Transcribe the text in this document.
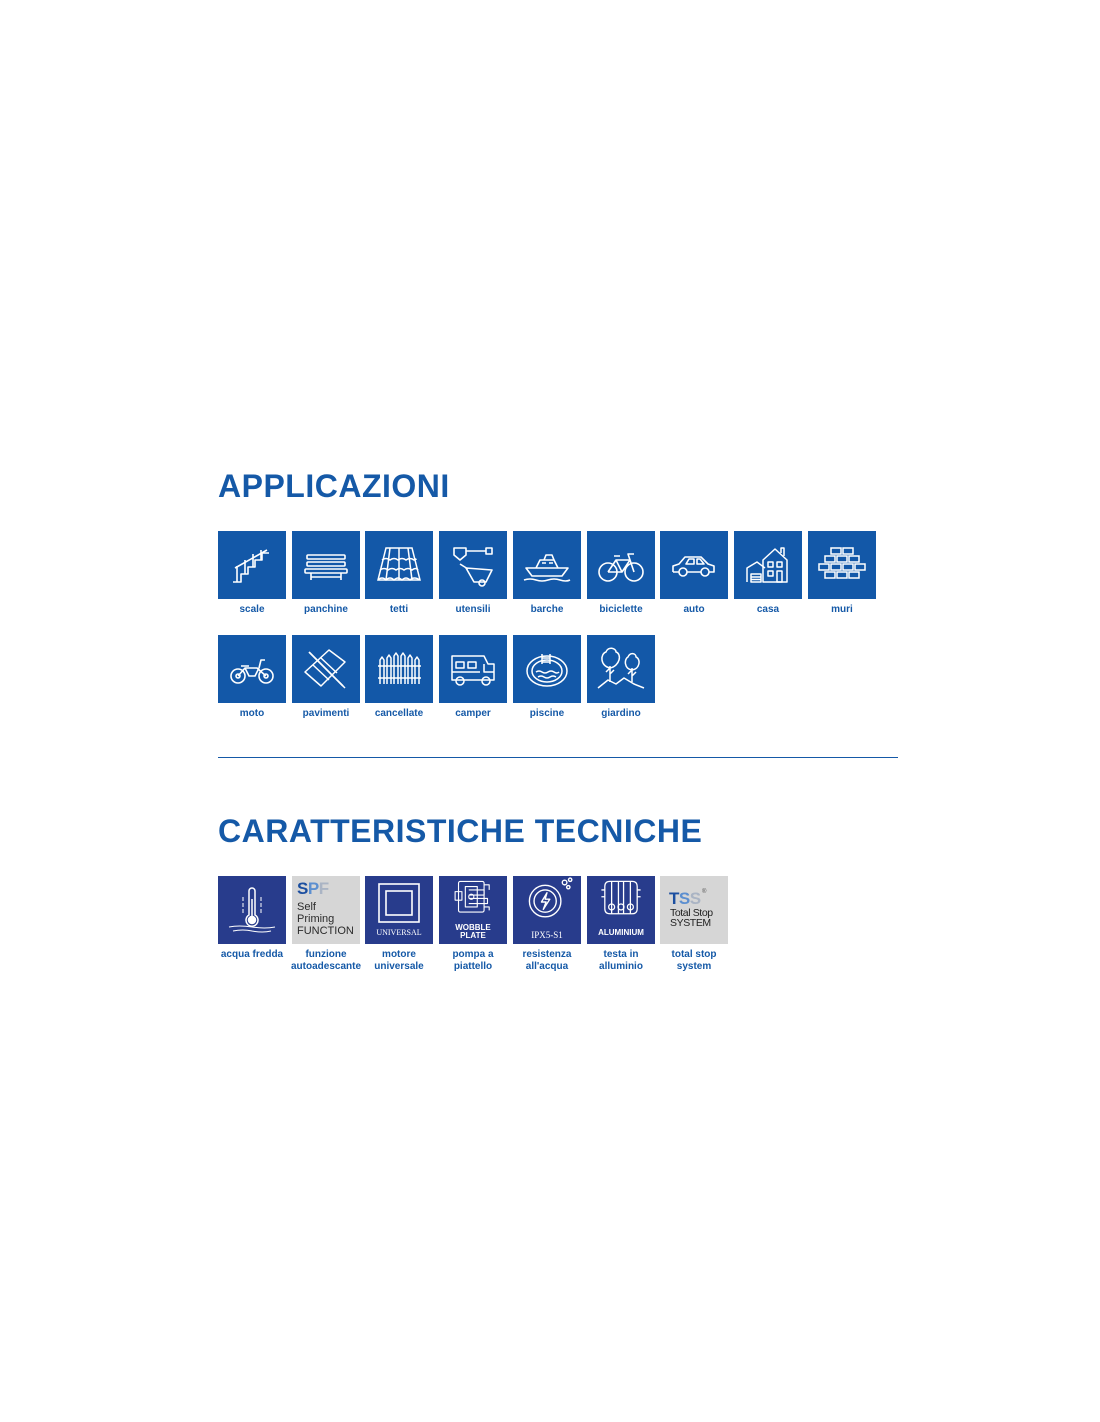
APPLICAZIONI
scale	panchine	tetti	utensili	barche	biciclette	auto	casa	muri
moto	pavimenti	cancellate	camper	piscine	giardino
CARATTERISTICHE TECNICHE
acqua fredda
SPF
Self
Priming
FUNCTION
funzione
autoadescante
UNIVERSAL
motore
universale
WOBBLE
PLATE
pompa a
piattello
IPX5-S1
resistenza
all'acqua
ALUMINIUM
testa in
alluminio
TSS ®
Total Stop
SYSTEM
total stop
system
